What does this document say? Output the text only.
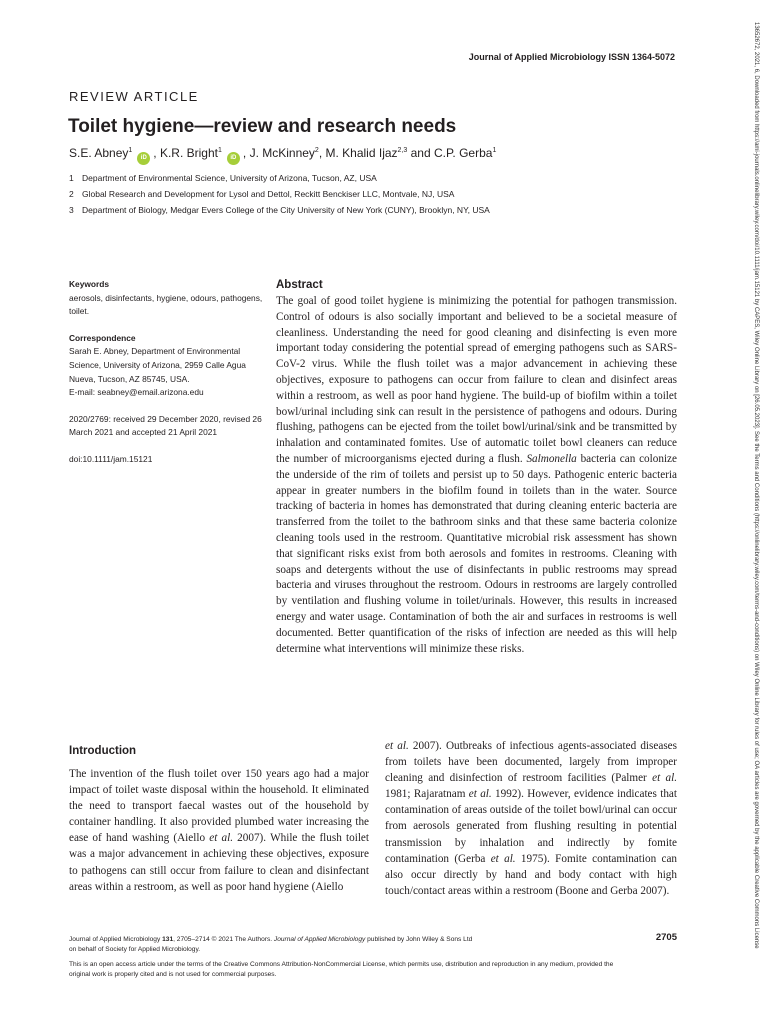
Journal of Applied Microbiology ISSN 1364-5072
REVIEW ARTICLE
Toilet hygiene—review and research needs
S.E. Abney$^1$iD , K.R. Bright$^1$iD , J. McKinney$^2$, M. Khalid Ijaz$^{2,3}$ and C.P. Gerba$^1$
1 Department of Environmental Science, University of Arizona, Tucson, AZ, USA
2 Global Research and Development for Lysol and Dettol, Reckitt Benckiser LLC, Montvale, NJ, USA
3 Department of Biology, Medgar Evers College of the City University of New York (CUNY), Brooklyn, NY, USA
Keywords
aerosols, disinfectants, hygiene, odours, pathogens, toilet.
Correspondence
Sarah E. Abney, Department of Environmental Science, University of Arizona, 2959 Calle Agua Nueva, Tucson, AZ 85745, USA.
E-mail: seabney@email.arizona.edu
2020/2769: received 29 December 2020, revised 26 March 2021 and accepted 21 April 2021
doi:10.1111/jam.15121
Abstract

The goal of good toilet hygiene is minimizing the potential for pathogen transmission. Control of odours is also socially important and believed to be a societal measure of cleanliness. Understanding the need for good cleaning and disinfecting is even more important today considering the potential spread of emerging pathogens such as SARS-CoV-2 virus. While the flush toilet was a major advancement in achieving these objectives, exposure to pathogens can occur from failure to clean and disinfect areas within a restroom, as well as poor hand hygiene. The build-up of biofilm within a toilet bowl/urinal including sink can result in the persistence of pathogens and odours. During flushing, pathogens can be ejected from the toilet bowl/urinal/sink and be transmitted by inhalation and contaminated fomites. Use of automatic toilet bowl cleaners can reduce the number of microorganisms ejected during a flush. Salmonella bacteria can colonize the underside of the rim of toilets and persist up to 50 days. Pathogenic enteric bacteria appear in greater numbers in the biofilm found in toilets than in the water. Source tracking of bacteria in homes has demonstrated that during cleaning enteric bacteria are transferred from the toilet to the bathroom sinks and that these same bacteria colonize cleaning tools used in the restroom. Quantitative microbial risk assessment has shown that significant risks exist from both aerosols and fomites in restrooms. Cleaning with soaps and detergents without the use of disinfectants in public restrooms may spread bacteria and viruses throughout the restroom. Odours in restrooms are largely controlled by ventilation and flushing volume in toilet/urinals. However, this results in increased energy and water usage. Contamination of both the air and surfaces in restrooms is well documented. Better quantification of the risks of infection are needed as this will help determine what interventions will minimize these risks.

Introduction

The invention of the flush toilet over 150 years ago had a major impact of toilet waste disposal within the household. It eliminated the need to transport faecal wastes out of the household by container handling. It also provided plumbed water increasing the ease of hand washing (Aiello et al. 2007). While the flush toilet was a major advancement in achieving these objectives, exposure to pathogens can still occur from failure to clean and disinfectant areas within a restroom, as well as poor hand hygiene (Aiello

et al. 2007). Outbreaks of infectious agents-associated diseases from toilets have been documented, largely from improper cleaning and disinfection of restroom facilities (Palmer et al. 1981; Rajaratnam et al. 1992). However, evidence indicates that contamination of areas outside of the toilet bowl/urinal can occur from aerosols generated from flushing resulting in potential transmission by inhalation and indirectly by fomite contamination (Gerba et al. 1975). Fomite contamination can also occur directly by hand and body contact with high touch/contact areas within a restroom (Boone and Gerba 2007).

Journal of Applied Microbiology 131, 2705–2714 © 2021 The Authors. Journal of Applied Microbiology published by John Wiley & Sons Ltd
on behalf of Society for Applied Microbiology.
2705
This is an open access article under the terms of the Creative Commons Attribution-NonCommercial License, which permits use, distribution and reproduction in any medium, provided the original work is properly cited and is not used for commercial purposes.
13652672, 2021, 6, Downloaded from https://ami-journals.onlinelibrary.wiley.com/doi/10.1111/jam.15121 by CAPES, Wiley Online Library on [26.05.2023]. See the Terms and Conditions (https://onlinelibrary.wiley.com/terms-and-conditions) on Wiley Online Library for rules of use; OA articles are governed by the applicable Creative Commons License
